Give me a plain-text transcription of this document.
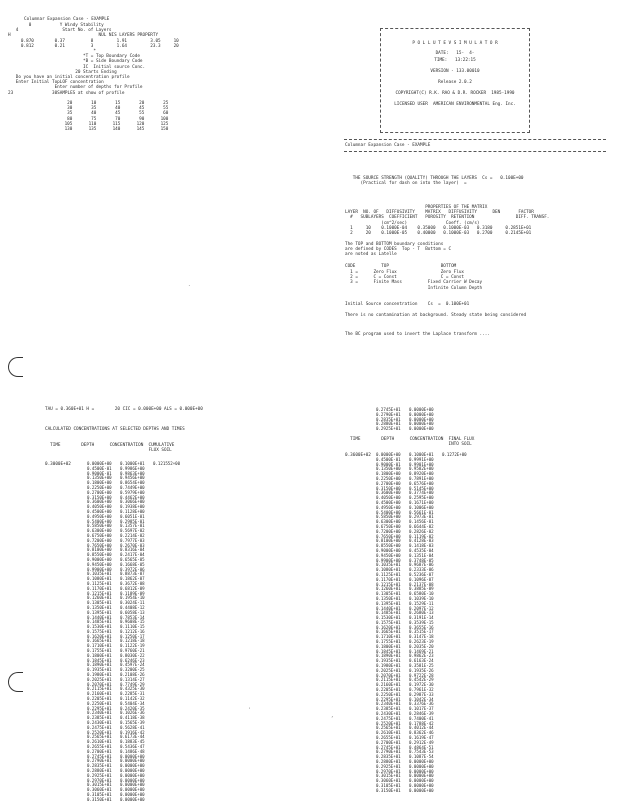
Columnar Expansion Case - EXAMPLE
0           Y Windy Stability
4                 Start No. of Layers
H                                  NUL NIS LAYERS PROPERTY
0.870        0.37          8         1.91         3.05     10
0.812        0.21          3         1.64         23.3     20
*
*T = Top Boundary Code
*B = Side Boundary Code
IC  Initial source Conc.
20 Starts Ending
Do you have an initial concentration profile
Enter Initial TopLOF concentration
Enter number of depths for Profile
23               30SAMPLES at show of profile
20	10	15	20	25
30	35	40	45	55
35	40	45	55	60
80	75	70	90	100
105	110	115	120	125
130	135	140	145	150
P O L L U T E V S I M U L A T O R
DATE:   15-  4-
TIME:   13:22:15
VERSION - 133.00010
Release 2.0.2
COPYRIGHT(C) R.K. RAO & D.R. ROCKER  1985-1990
LICENSED USER  AMERICAN ENVIRONMENTAL Eng. Inc.
Columnar Expansion Case - EXAMPLE
THE SOURCE STRENGTH (QUALITY) THROUGH THE LAYERS  Cs =   0.100E+00
(Practical for dash on into the layer)  =
PROPERTIES OF THE MATRIX
LAYER  NO. OF   DIFFUSIVITY    MATRIX   DIFFUSIVITY      DEN       FACTOR
#   SUBLAYERS  COEFFICIENT   POROSITY  RETENTION                DIFF. TRANSF.
(cm^2/sec)               Coeff. (cm/s)
1     10    0.1000E-04    0.35000   0.1000E-03   0.3180     0.2851E+01
2     20    0.1000E-05    0.40000   0.1000E-03   0.2700     0.2145E+01
The TOP and BOTTOM boundary conditions
are defined by CODES  Top - T  Bottom = C
are noted as Latelle
CODE          TOP                    BOTTOM
1 =      Zero Flux                 Zero Flux
2 =      C = Const                 C = Const
3 =      Finite Mass          Fixed Carrier W Decay
Infinite Column Depth
Initial Source concentration    Cs  =  0.100E+01
There is no contamination at background. Steady state being considered
The BC program used to invert the Laplace transform ....
TAU = 0.360E+01 H =        20 CIC = 0.000E+00 ALS = 0.000E+00
CALCULATED CONCENTRATIONS AT SELECTED DEPTHS AND TIMES
TIME        DEPTH      CONCENTRATION  CUMULATIVE
FLUX SOIL
0.3000E+02	0.0000E+00 0.1000E+01 0.121552+00
0.4500E-01 0.9986E+00
0.9000E-01 0.9863E+00
0.1350E+00 0.9456E+00
0.1800E+00 0.8654E+00
0.2250E+00 0.7449E+00
0.2700E+00 0.5979E+00
0.3150E+00 0.4462E+00
0.3600E+00 0.3066E+00
0.4050E+00 0.1938E+00
0.4500E+00 0.1128E+00
0.4950E+00 0.6051E-01
0.5400E+00 0.2985E-01
0.5850E+00 0.1357E-01
0.6300E+00 0.5697E-02
0.6750E+00 0.2214E-02
0.7200E+00 0.7977E-03
0.7650E+00 0.2670E-03
0.8100E+00 0.8316E-04
0.8550E+00 0.2417E-04
0.9000E+00 0.6565E-05
0.9450E+00 0.1668E-05
0.9900E+00 0.3972E-06
0.1035E+01 0.8873E-07
0.1080E+01 0.1862E-07
0.1125E+01 0.3672E-08
0.1170E+01 0.6812E-09
0.1215E+01 0.1189E-09
0.1260E+01 0.1954E-10
0.1305E+01 0.3024E-11
0.1350E+01 0.4408E-12
0.1395E+01 0.6058E-13
0.1440E+01 0.7853E-14
0.1485E+01 0.9608E-15
0.1530E+01 0.1110E-15
0.1575E+01 0.1212E-16
0.1620E+01 0.1250E-17
0.1665E+01 0.1218E-18
0.1710E+01 0.1122E-19
0.1755E+01 0.9760E-21
0.1800E+01 0.8030E-22
0.1845E+01 0.6246E-23
0.1890E+01 0.4597E-24
0.1935E+01 0.3200E-25
0.1980E+01 0.2108E-26
0.2025E+01 0.1314E-27
0.2070E+01 0.7749E-29
0.2115E+01 0.4325E-30
0.2160E+01 0.2285E-31
0.2205E+01 0.1142E-32
0.2250E+01 0.5404E-34
0.2295E+01 0.2420E-35
0.2340E+01 0.1026E-36
0.2385E+01 0.4118E-38
0.2430E+01 0.1565E-39
0.2475E+01 0.5628E-41
0.2520E+01 0.1916E-42
0.2565E+01 0.6173E-44
0.2610E+01 0.1883E-45
0.2655E+01 0.5436E-47
0.2700E+01 0.1486E-48
0.2745E+01 0.0000E+00
0.2790E+01 0.0000E+00
0.2835E+01 0.0000E+00
0.2880E+01 0.0000E+00
0.2925E+01 0.0000E+00
0.2970E+01 0.0000E+00
0.3015E+01 0.0000E+00
0.3060E+01 0.0000E+00
0.3105E+01 0.0000E+00
0.3150E+01 0.0000E+00
0.2745E+01 0.0000E+00
0.2790E+01 0.0000E+00
0.2835E+01 0.0000E+00
0.2880E+01 0.0000E+00
0.2925E+01 0.0000E+00
TIME        DEPTH      CONCENTRATION  FINAL FLUX
INTO SOIL
0.3600E+02 0.0000E+00 0.1000E+01 0.1272E+00
0.4500E-01 0.9991E+00
0.9000E-01 0.9901E+00
0.1350E+00 0.9582E+00
0.1800E+00 0.8920E+00
0.2250E+00 0.7891E+00
0.2700E+00 0.6576E+00
0.3150E+00 0.5145E+00
0.3600E+00 0.3774E+00
0.4050E+00 0.2595E+00
0.4500E+00 0.1671E+00
0.4950E+00 0.1006E+00
0.5400E+00 0.5661E-01
0.5850E+00 0.2973E-01
0.6300E+00 0.1456E-01
0.6750E+00 0.6644E-02
0.7200E+00 0.2826E-02
0.7650E+00 0.1119E-02
0.8100E+00 0.4128E-03
0.8550E+00 0.1418E-03
0.9000E+00 0.4535E-04
0.9450E+00 0.1351E-04
0.9900E+00 0.3748E-05
0.1035E+01 0.9687E-06
0.1080E+01 0.2333E-06
0.1125E+01 0.5236E-07
0.1170E+01 0.1096E-07
0.1215E+01 0.2137E-08
0.1260E+01 0.3885E-09
0.1305E+01 0.6580E-10
0.1350E+01 0.1039E-10
0.1395E+01 0.1529E-11
0.1440E+01 0.2097E-12
0.1485E+01 0.2680E-13
0.1530E+01 0.3191E-14
0.1575E+01 0.3539E-15
0.1620E+01 0.3655E-16
0.1665E+01 0.3515E-17
0.1710E+01 0.3147E-18
0.1755E+01 0.2623E-19
0.1800E+01 0.2035E-20
0.1845E+01 0.1469E-21
0.1890E+01 0.9862E-23
0.1935E+01 0.6163E-24
0.1980E+01 0.3581E-25
0.2025E+01 0.1935E-26
0.2070E+01 0.9722E-28
0.2115E+01 0.4542E-29
0.2160E+01 0.1972E-30
0.2205E+01 0.7961E-32
0.2250E+01 0.2987E-33
0.2295E+01 0.1042E-34
0.2340E+01 0.3376E-36
0.2385E+01 0.1017E-37
0.2430E+01 0.2846E-39
0.2475E+01 0.7400E-41
0.2520E+01 0.1788E-42
0.2565E+01 0.4012E-44
0.2610E+01 0.8362E-46
0.2655E+01 0.1619E-47
0.2700E+01 0.2912E-49
0.2745E+01 0.4864E-51
0.2790E+01 0.7543E-53
0.2835E+01 0.1087E-54
0.2880E+01 0.0000E+00
0.2925E+01 0.0000E+00
0.2970E+01 0.0000E+00
0.3015E+01 0.0000E+00
0.3060E+01 0.0000E+00
0.3105E+01 0.0000E+00
0.3150E+01 0.0000E+00
.
'
,
